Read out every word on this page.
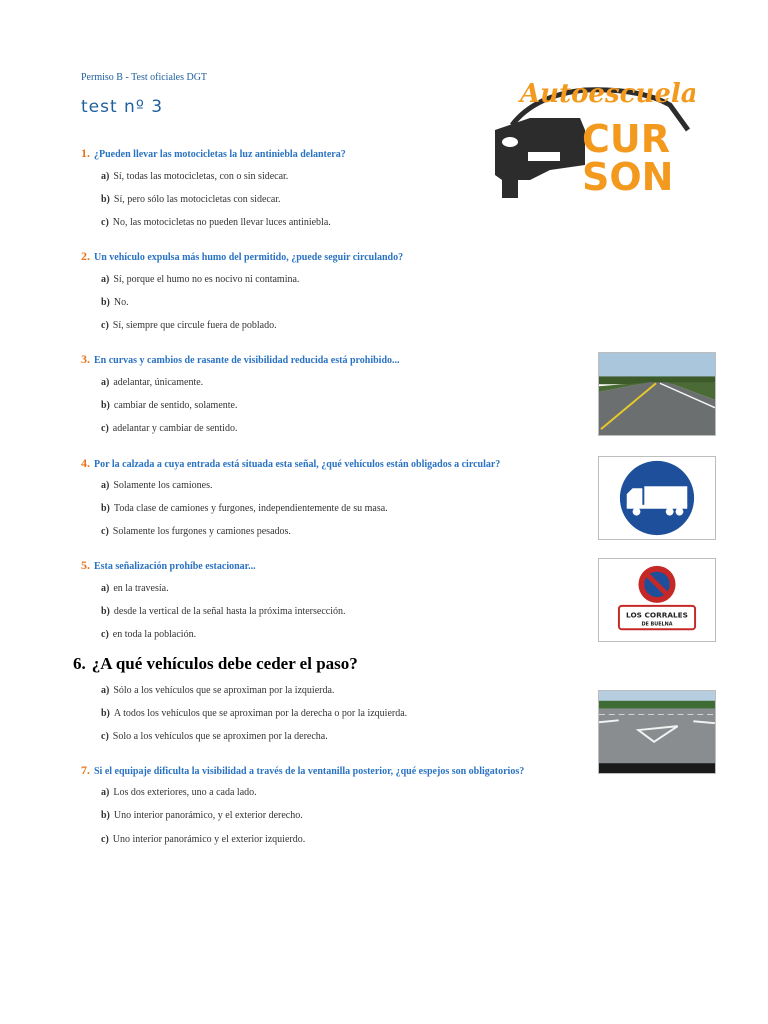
Permiso B - Test oficiales DGT
test nº 3	Autoescuela
CUR
SON
1. ¿Pueden llevar las motocicletas la luz antiniebla delantera?
a) Sí, todas las motocicletas, con o sin sidecar.
b) Sí, pero sólo las motocicletas con sidecar.
c) No, las motocicletas no pueden llevar luces antiniebla.
2. Un vehículo expulsa más humo del permitido, ¿puede seguir circulando?
a) Sí, porque el humo no es nocivo ni contamina.
b) No.
c) Sí, siempre que circule fuera de poblado.
3. En curvas y cambios de rasante de visibilidad reducida está prohibido...
a) adelantar, únicamente.
b) cambiar de sentido, solamente.
c) adelantar y cambiar de sentido.
4. Por la calzada a cuya entrada está situada esta señal, ¿qué vehículos están obligados a circular?
a) Solamente los camiones.
b) Toda clase de camiones y furgones, independientemente de su masa.
c) Solamente los furgones y camiones pesados.
5. Esta señalización prohíbe estacionar...
a) en la travesía.
b) desde la vertical de la señal hasta la próxima intersección.
c) en toda la población.
LOS CORRALES
DE BUELNA
6. ¿A qué vehículos debe ceder el paso?
a) Sólo a los vehículos que se aproximan por la izquierda.
b) A todos los vehículos que se aproximan por la derecha o por la izquierda.
c) Solo a los vehículos que se aproximen por la derecha.
7. Si el equipaje dificulta la visibilidad a través de la ventanilla posterior, ¿qué espejos son obligatorios?
a) Los dos exteriores, uno a cada lado.
b) Uno interior panorámico, y el exterior derecho.
c) Uno interior panorámico y el exterior izquierdo.
